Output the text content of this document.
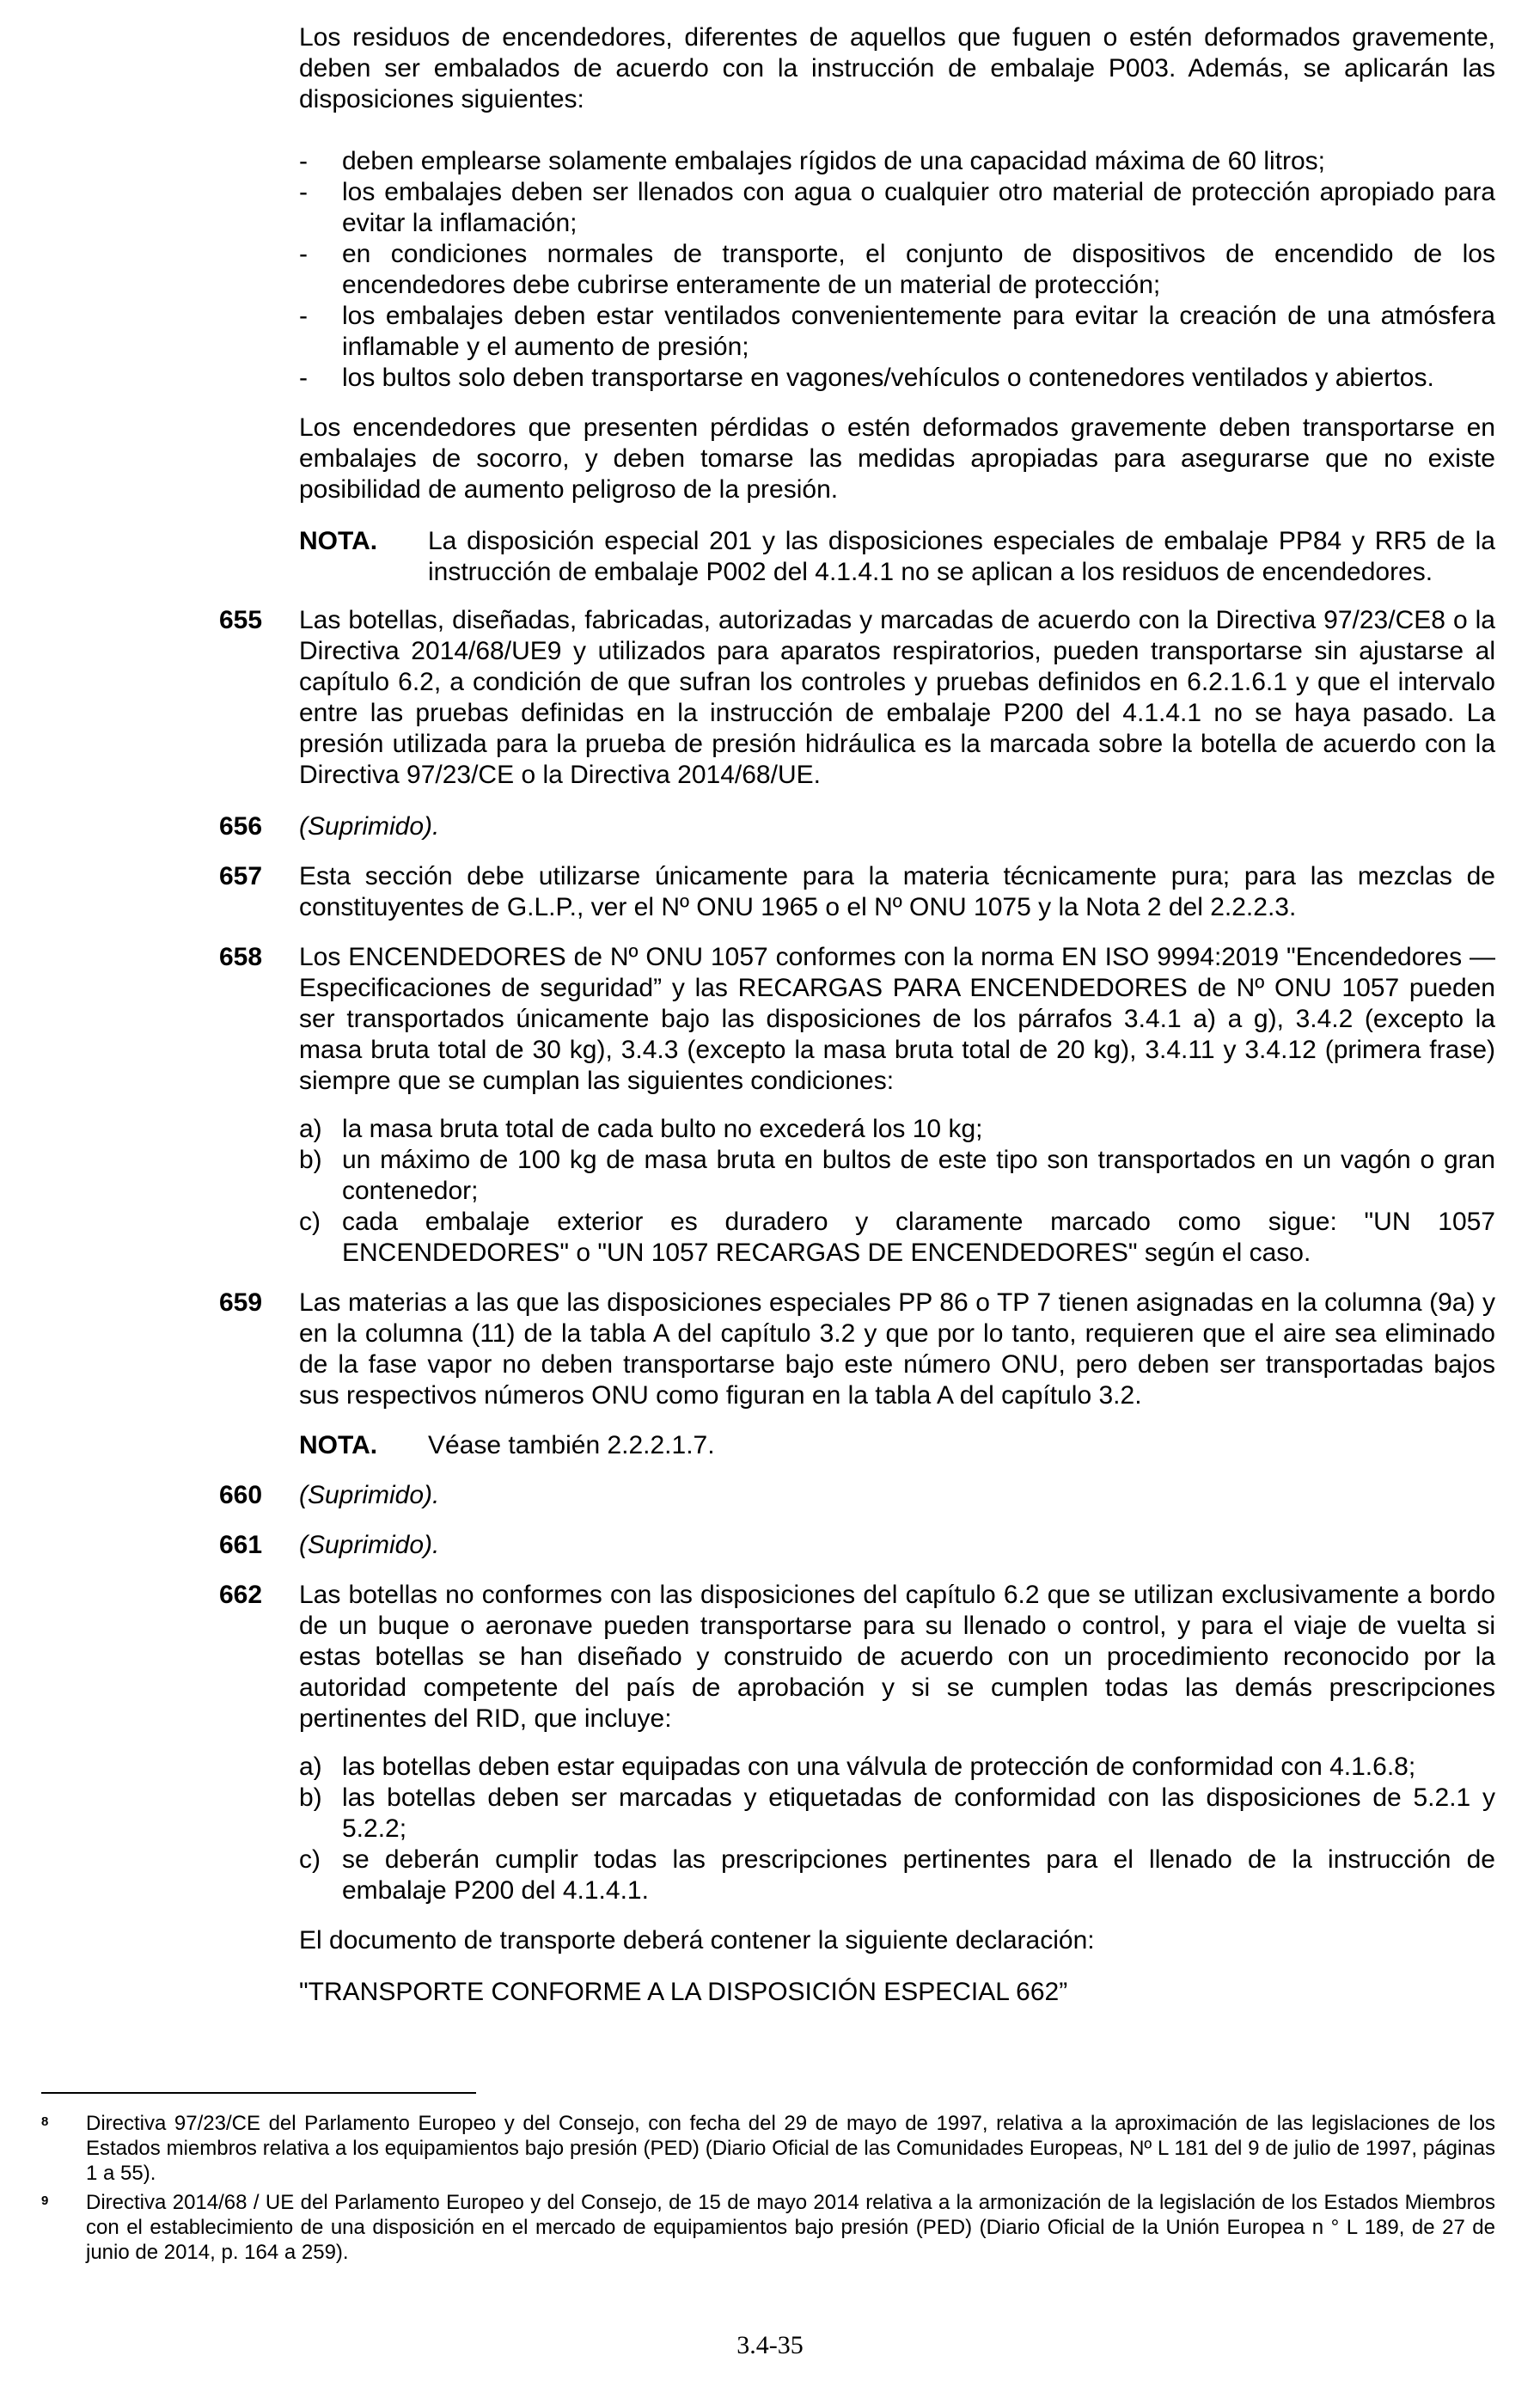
Los residuos de encendedores, diferentes de aquellos que fuguen o estén deformados gravemente, deben ser embalados de acuerdo con la instrucción de embalaje P003. Además, se aplicarán las disposiciones siguientes:

-	deben emplearse solamente embalajes rígidos de una capacidad máxima de 60 litros;
-	los embalajes deben ser llenados con agua o cualquier otro material de protección apropiado para evitar la inflamación;
-	en condiciones normales de transporte, el conjunto de dispositivos de encendido de los encendedores debe cubrirse enteramente de un material de protección;
-	los embalajes deben estar ventilados convenientemente para evitar la creación de una atmósfera inflamable y el aumento de presión;
-	los bultos solo deben transportarse en vagones/vehículos o contenedores ventilados y abiertos.

Los encendedores que presenten pérdidas o estén deformados gravemente deben transportarse en embalajes de socorro, y deben tomarse las medidas apropiadas para asegurarse que no existe posibilidad de aumento peligroso de la presión.

NOTA. La disposición especial 201 y las disposiciones especiales de embalaje PP84 y RR5 de la instrucción de embalaje P002 del 4.1.4.1 no se aplican a los residuos de encendedores.
655 Las botellas, diseñadas, fabricadas, autorizadas y marcadas de acuerdo con la Directiva 97/23/CE8 o la Directiva 2014/68/UE9 y utilizados para aparatos respiratorios, pueden transportarse sin ajustarse al capítulo 6.2, a condición de que sufran los controles y pruebas definidos en 6.2.1.6.1 y que el intervalo entre las pruebas definidas en la instrucción de embalaje P200 del 4.1.4.1 no se haya pasado. La presión utilizada para la prueba de presión hidráulica es la marcada sobre la botella de acuerdo con la Directiva 97/23/CE o la Directiva 2014/68/UE.

656 (Suprimido).

657 Esta sección debe utilizarse únicamente para la materia técnicamente pura; para las mezclas de constituyentes de G.L.P., ver el Nº ONU 1965 o el Nº ONU 1075 y la Nota 2 del 2.2.2.3.

658 Los ENCENDEDORES de Nº ONU 1057 conformes con la norma EN ISO 9994:2019 "Encendedores — Especificaciones de seguridad” y las RECARGAS PARA ENCENDEDORES de Nº ONU 1057 pueden ser transportados únicamente bajo las disposiciones de los párrafos 3.4.1 a) a g), 3.4.2 (excepto la masa bruta total de 30 kg), 3.4.3 (excepto la masa bruta total de 20 kg), 3.4.11 y 3.4.12 (primera frase) siempre que se cumplan las siguientes condiciones:

a) la masa bruta total de cada bulto no excederá los 10 kg;
b) un máximo de 100 kg de masa bruta en bultos de este tipo son transportados en un vagón o gran contenedor;
c) cada embalaje exterior es duradero y claramente marcado como sigue: "UN 1057 ENCENDEDORES" o "UN 1057 RECARGAS DE ENCENDEDORES" según el caso.
659 Las materias a las que las disposiciones especiales PP 86 o TP 7 tienen asignadas en la columna (9a) y en la columna (11) de la tabla A del capítulo 3.2 y que por lo tanto, requieren que el aire sea eliminado de la fase vapor no deben transportarse bajo este número ONU, pero deben ser transportadas bajos sus respectivos números ONU como figuran en la tabla A del capítulo 3.2.

NOTA. Véase también 2.2.2.1.7.
660 (Suprimido).

661 (Suprimido).

662 Las botellas no conformes con las disposiciones del capítulo 6.2 que se utilizan exclusivamente a bordo de un buque o aeronave pueden transportarse para su llenado o control, y para el viaje de vuelta si estas botellas se han diseñado y construido de acuerdo con un procedimiento reconocido por la autoridad competente del país de aprobación y si se cumplen todas las demás prescripciones pertinentes del RID, que incluye:

a) las botellas deben estar equipadas con una válvula de protección de conformidad con 4.1.6.8;
b) las botellas deben ser marcadas y etiquetadas de conformidad con las disposiciones de 5.2.1 y 5.2.2;
c) se deberán cumplir todas las prescripciones pertinentes para el llenado de la instrucción de embalaje P200 del 4.1.4.1.

El documento de transporte deberá contener la siguiente declaración:

"TRANSPORTE CONFORME A LA DISPOSICIÓN ESPECIAL 662”

8 Directiva 97/23/CE del Parlamento Europeo y del Consejo, con fecha del 29 de mayo de 1997, relativa a la aproximación de las legislaciones de los Estados miembros relativa a los equipamientos bajo presión (PED) (Diario Oficial de las Comunidades Europeas, Nº L 181 del 9 de julio de 1997, páginas 1 a 55).
9 Directiva 2014/68 / UE del Parlamento Europeo y del Consejo, de 15 de mayo 2014 relativa a la armonización de la legislación de los Estados Miembros con el establecimiento de una disposición en el mercado de equipamientos bajo presión (PED) (Diario Oficial de la Unión Europea n ° L 189, de 27 de junio de 2014, p. 164 a 259).
3.4-35
